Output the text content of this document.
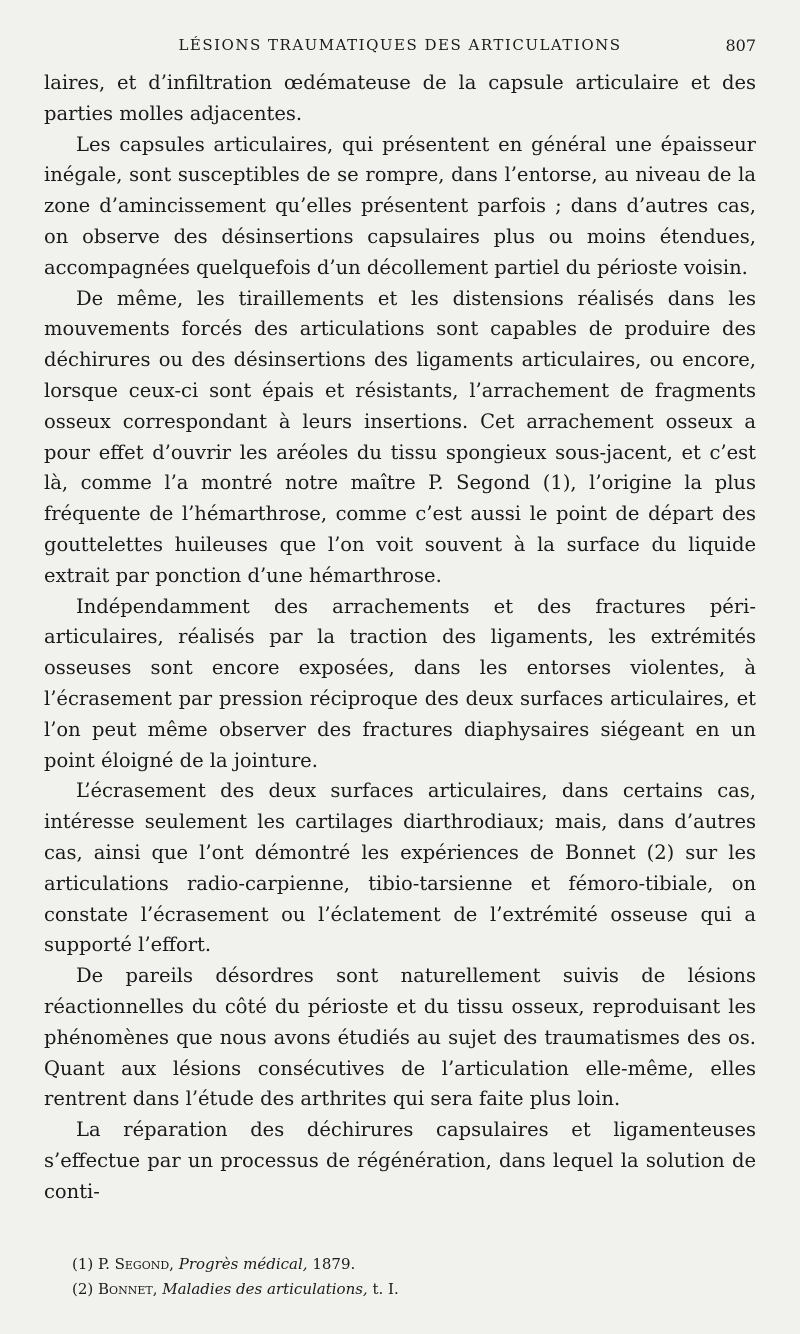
LÉSIONS TRAUMATIQUES DES ARTICULATIONS	807

laires, et d’infiltration œdémateuse de la capsule articulaire et des parties molles adjacentes.

Les capsules articulaires, qui présentent en général une épaisseur inégale, sont susceptibles de se rompre, dans l’entorse, au niveau de la zone d’amincissement qu’elles présentent parfois ; dans d’autres cas, on observe des désinsertions capsulaires plus ou moins étendues, accompagnées quelquefois d’un décollement partiel du périoste voisin.

De même, les tiraillements et les distensions réalisés dans les mouvements forcés des articulations sont capables de produire des déchirures ou des désinsertions des ligaments articulaires, ou encore, lorsque ceux-ci sont épais et résistants, l’arrachement de fragments osseux correspondant à leurs insertions. Cet arrachement osseux a pour effet d’ouvrir les aréoles du tissu spongieux sous-jacent, et c’est là, comme l’a montré notre maître P. Segond (1), l’origine la plus fréquente de l’hémarthrose, comme c’est aussi le point de départ des gouttelettes huileuses que l’on voit souvent à la surface du liquide extrait par ponction d’une hémarthrose.

Indépendamment des arrachements et des fractures péri-articulaires, réalisés par la traction des ligaments, les extrémités osseuses sont encore exposées, dans les entorses violentes, à l’écrasement par pression réciproque des deux surfaces articulaires, et l’on peut même observer des fractures diaphysaires siégeant en un point éloigné de la jointure.

L’écrasement des deux surfaces articulaires, dans certains cas, intéresse seulement les cartilages diarthrodiaux; mais, dans d’autres cas, ainsi que l’ont démontré les expériences de Bonnet (2) sur les articulations radio-carpienne, tibio-tarsienne et fémoro-tibiale, on constate l’écrasement ou l’éclatement de l’extrémité osseuse qui a supporté l’effort.

De pareils désordres sont naturellement suivis de lésions réactionnelles du côté du périoste et du tissu osseux, reproduisant les phénomènes que nous avons étudiés au sujet des traumatismes des os. Quant aux lésions consécutives de l’articulation elle-même, elles rentrent dans l’étude des arthrites qui sera faite plus loin.

La réparation des déchirures capsulaires et ligamenteuses s’effectue par un processus de régénération, dans lequel la solution de conti-

(1) P. Segond, Progrès médical, 1879.

(2) Bonnet, Maladies des articulations, t. I.
